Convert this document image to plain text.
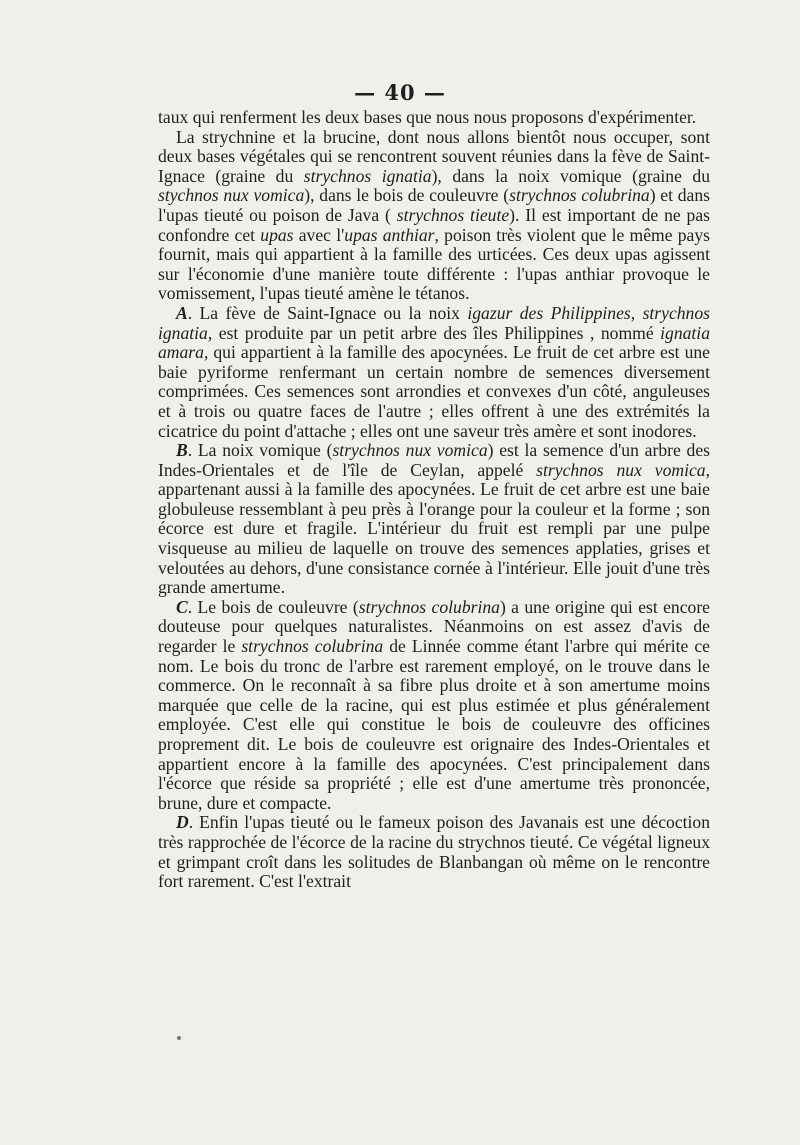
— 40 —

taux qui renferment les deux bases que nous nous proposons d'expérimenter.

La strychnine et la brucine, dont nous allons bientôt nous occuper, sont deux bases végétales qui se rencontrent souvent réunies dans la fève de Saint-Ignace (graine du strychnos ignatia), dans la noix vomique (graine du stychnos nux vomica), dans le bois de couleuvre (strychnos colubrina) et dans l'upas tieuté ou poison de Java ( strychnos tieute). Il est important de ne pas confondre cet upas avec l'upas anthiar, poison très violent que le même pays fournit, mais qui appartient à la famille des urticées. Ces deux upas agissent sur l'économie d'une manière toute différente : l'upas anthiar provoque le vomissement, l'upas tieuté amène le tétanos.

A. La fève de Saint-Ignace ou la noix igazur des Philippines, strychnos ignatia, est produite par un petit arbre des îles Philippines , nommé ignatia amara, qui appartient à la famille des apocynées. Le fruit de cet arbre est une baie pyriforme renfermant un certain nombre de semences diversement comprimées. Ces semences sont arrondies et convexes d'un côté, anguleuses et à trois ou quatre faces de l'autre ; elles offrent à une des extrémités la cicatrice du point d'attache ; elles ont une saveur très amère et sont inodores.

B. La noix vomique (strychnos nux vomica) est la semence d'un arbre des Indes-Orientales et de l'île de Ceylan, appelé strychnos nux vomica, appartenant aussi à la famille des apocynées. Le fruit de cet arbre est une baie globuleuse ressemblant à peu près à l'orange pour la couleur et la forme ; son écorce est dure et fragile. L'intérieur du fruit est rempli par une pulpe visqueuse au milieu de laquelle on trouve des semences applaties, grises et veloutées au dehors, d'une consistance cornée à l'intérieur. Elle jouit d'une très grande amertume.

C. Le bois de couleuvre (strychnos colubrina) a une origine qui est encore douteuse pour quelques naturalistes. Néanmoins on est assez d'avis de regarder le strychnos colubrina de Linnée comme étant l'arbre qui mérite ce nom. Le bois du tronc de l'arbre est rarement employé, on le trouve dans le commerce. On le reconnaît à sa fibre plus droite et à son amertume moins marquée que celle de la racine, qui est plus estimée et plus généralement employée. C'est elle qui constitue le bois de couleuvre des officines proprement dit. Le bois de couleuvre est orignaire des Indes-Orientales et appartient encore à la famille des apocynées. C'est principalement dans l'écorce que réside sa propriété ; elle est d'une amertume très prononcée, brune, dure et compacte.

D. Enfin l'upas tieuté ou le fameux poison des Javanais est une décoction très rapprochée de l'écorce de la racine du strychnos tieuté. Ce végétal ligneux et grimpant croît dans les solitudes de Blanbangan où même on le rencontre fort rarement. C'est l'extrait
